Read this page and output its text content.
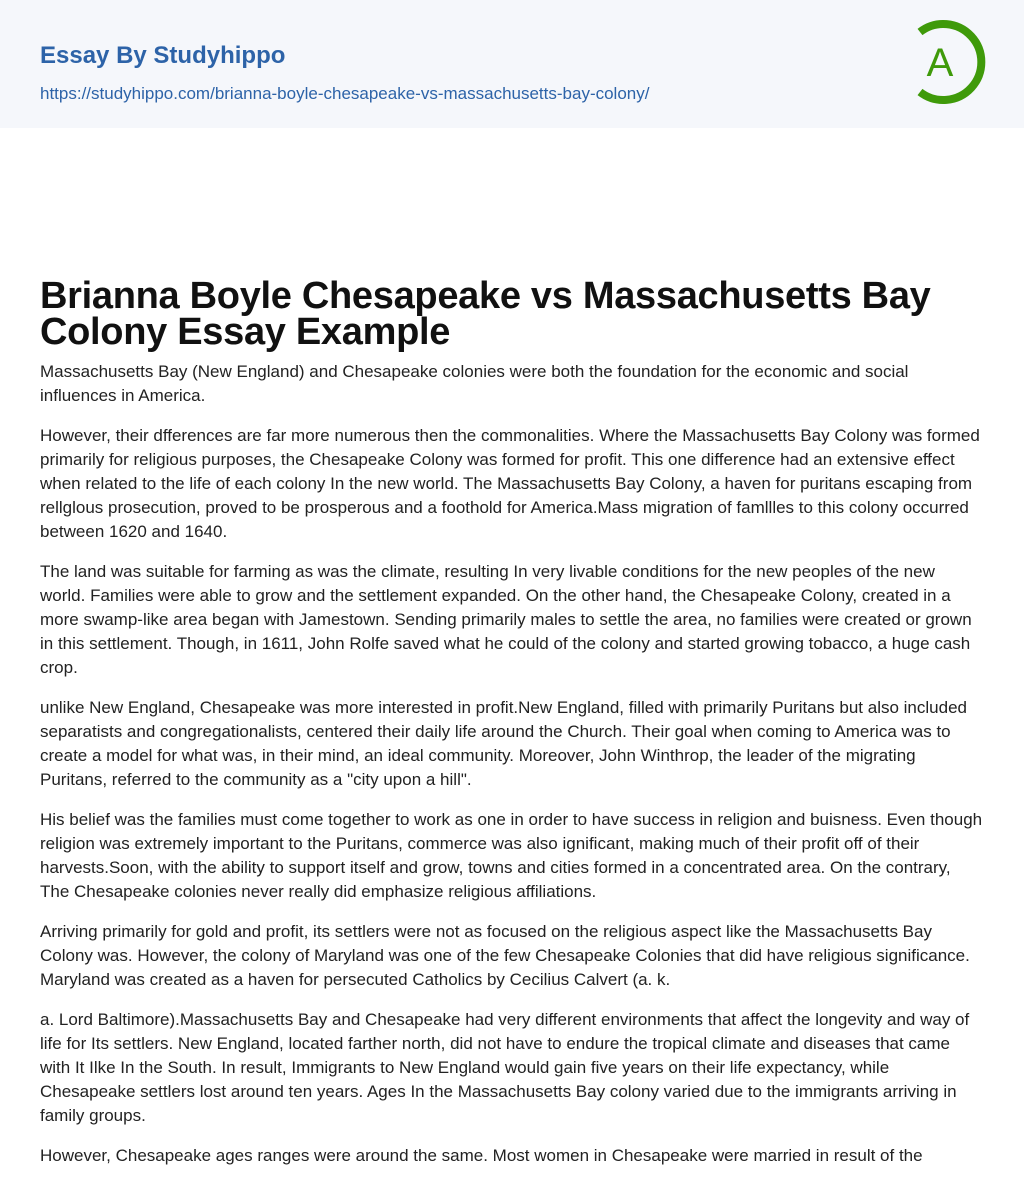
Essay By Studyhippo
https://studyhippo.com/brianna-boyle-chesapeake-vs-massachusetts-bay-colony/
A
Brianna Boyle Chesapeake vs Massachusetts Bay Colony Essay Example

Massachusetts Bay (New England) and Chesapeake colonies were both the foundation for the economic and social influences in America.

However, their dfferences are far more numerous then the commonalities. Where the Massachusetts Bay Colony was formed primarily for religious purposes, the Chesapeake Colony was formed for profit. This one difference had an extensive effect when related to the life of each colony In the new world. The Massachusetts Bay Colony, a haven for puritans escaping from rellglous prosecution, proved to be prosperous and a foothold for America.Mass migration of famllles to this colony occurred between 1620 and 1640.

The land was suitable for farming as was the climate, resulting In very livable conditions for the new peoples of the new world. Families were able to grow and the settlement expanded. On the other hand, the Chesapeake Colony, created in a more swamp-like area began with Jamestown. Sending primarily males to settle the area, no families were created or grown in this settlement. Though, in 1611, John Rolfe saved what he could of the colony and started growing tobacco, a huge cash crop.

unlike New England, Chesapeake was more interested in profit.New England, filled with primarily Puritans but also included separatists and congregationalists, centered their daily life around the Church. Their goal when coming to America was to create a model for what was, in their mind, an ideal community. Moreover, John Winthrop, the leader of the migrating Puritans, referred to the community as a "city upon a hill".

His belief was the families must come together to work as one in order to have success in religion and buisness. Even though religion was extremely important to the Puritans, commerce was also ignificant, making much of their profit off of their harvests.Soon, with the ability to support itself and grow, towns and cities formed in a concentrated area. On the contrary, The Chesapeake colonies never really did emphasize religious affiliations.

Arriving primarily for gold and profit, its settlers were not as focused on the religious aspect like the Massachusetts Bay Colony was. However, the colony of Maryland was one of the few Chesapeake Colonies that did have religious significance. Maryland was created as a haven for persecuted Catholics by Cecilius Calvert (a. k.

a. Lord Baltimore).Massachusetts Bay and Chesapeake had very different environments that affect the longevity and way of life for Its settlers. New England, located farther north, did not have to endure the tropical climate and diseases that came with It Ilke In the South. In result, Immigrants to New England would gain five years on their life expectancy, while Chesapeake settlers lost around ten years. Ages In the Massachusetts Bay colony varied due to the immigrants arriving in family groups.

However, Chesapeake ages ranges were around the same. Most women in Chesapeake were married in result of the
